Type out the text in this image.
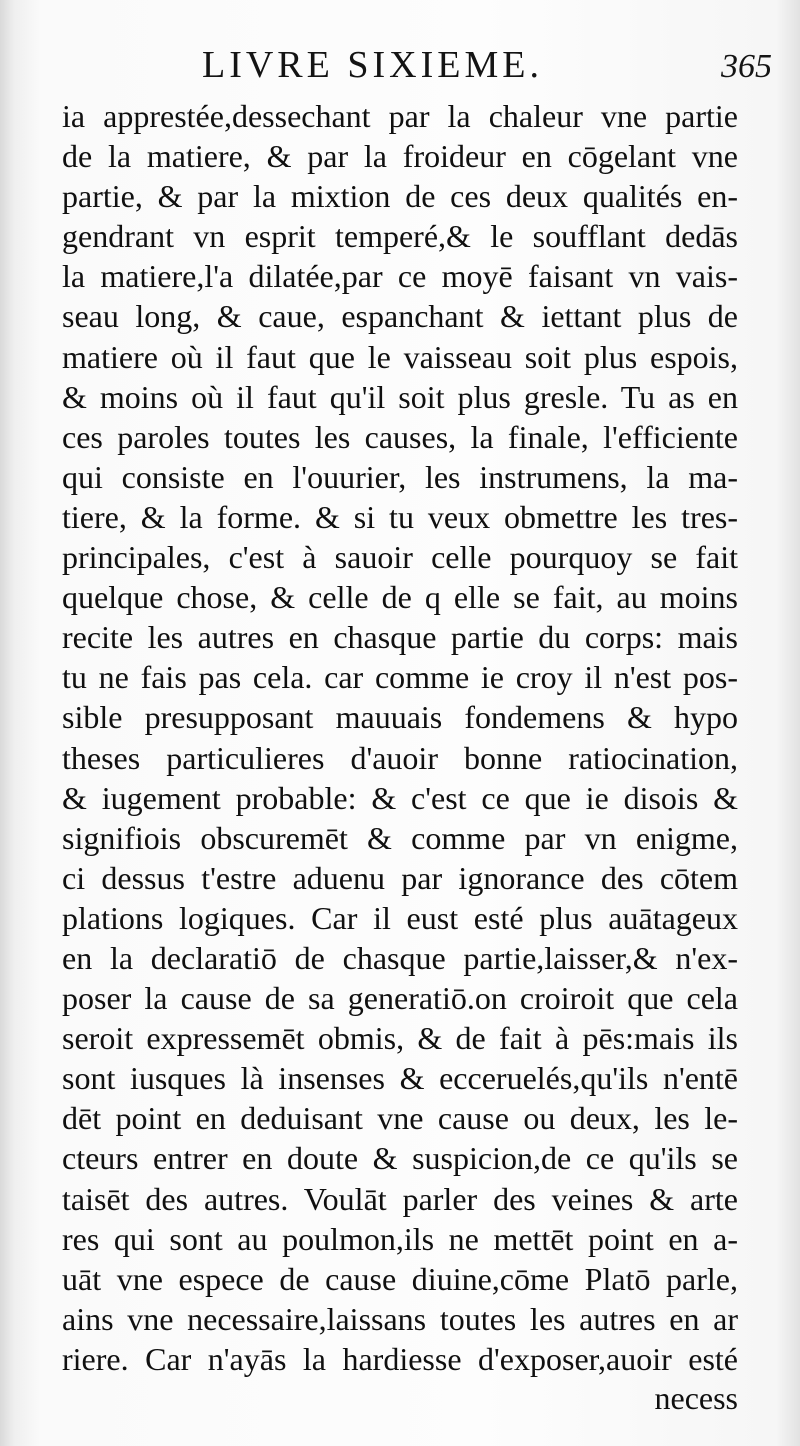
LIVRE SIXIEME.	365
ia apprestée,dessechant par la chaleur vne partie
de la matiere, & par la froideur en cōgelant vne
partie, & par la mixtion de ces deux qualités en-
gendrant vn esprit temperé,& le soufflant dedās
la matiere,l'a dilatée,par ce moyē faisant vn vais-
seau long, & caue, espanchant & iettant plus de
matiere où il faut que le vaisseau soit plus espois,
& moins où il faut qu'il soit plus gresle. Tu as en
ces paroles toutes les causes, la finale, l'efficiente
qui consiste en l'ouurier, les instrumens, la ma-
tiere, & la forme. & si tu veux obmettre les tres-
principales, c'est à sauoir celle pourquoy se fait
quelque chose, & celle de q elle se fait, au moins
recite les autres en chasque partie du corps: mais
tu ne fais pas cela. car comme ie croy il n'est pos-
sible presupposant mauuais fondemens & hypo
theses particulieres d'auoir bonne ratiocination,
& iugement probable: & c'est ce que ie disois &
signifiois obscuremēt & comme par vn enigme,
ci dessus t'estre aduenu par ignorance des cōtem
plations logiques. Car il eust esté plus auātageux
en la declaratiō de chasque partie,laisser,& n'ex-
poser la cause de sa generatiō.on croiroit que cela
seroit expressemēt obmis, & de fait à pēs:mais ils
sont iusques là insenses & ecceruelés,qu'ils n'entē
dēt point en deduisant vne cause ou deux, les le-
cteurs entrer en doute & suspicion,de ce qu'ils se
taisēt des autres. Voulāt parler des veines & arte
res qui sont au poulmon,ils ne mettēt point en a-
uāt vne espece de cause diuine,cōme Platō parle,
ains vne necessaire,laissans toutes les autres en ar
riere. Car n'ayās la hardiesse d'exposer,auoir esté
necess
